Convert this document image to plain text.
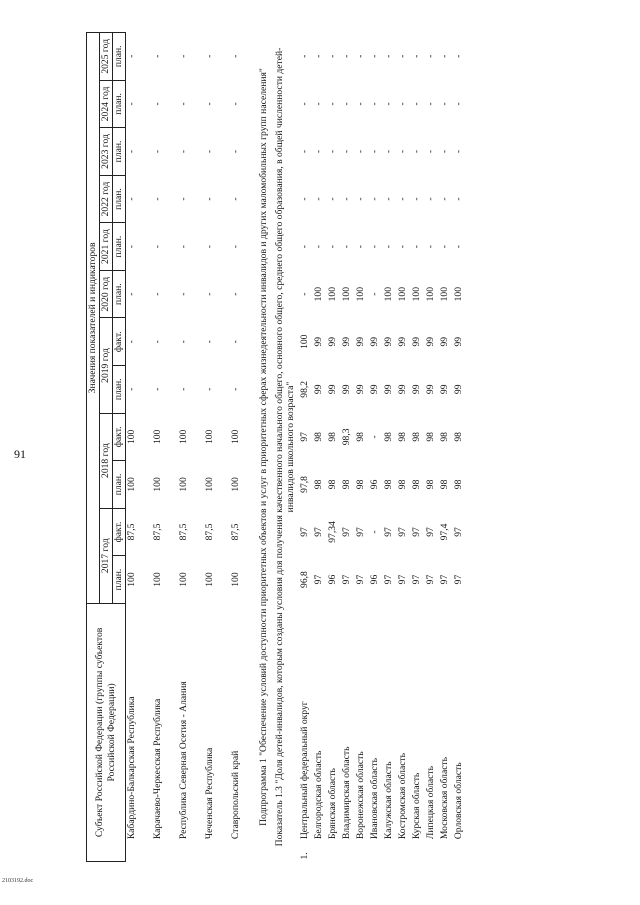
91
2103192.doc
Субъект Российской Федерации (группы субъектов Российской Федерации)		Значения показателей и индикаторов											
		2017 год		2018 год		2019 год		2020 год	2021 год	2022 год	2023 год	2024 год	2025 год
		план.	факт.	план.	факт.	план.	факт.	план.	план.	план.	план.	план.	план.
	Кабардино-Балкарская Республика	100	87,5	100	100	-	-	-	-	-	-	-	-
	Карачаево-Черкесская Республика	100	87,5	100	100	-	-	-	-	-	-	-	-
	Республика Северная Осетия - Алания	100	87,5	100	100	-	-	-	-	-	-	-	-
	Чеченская Республика	100	87,5	100	100	-	-	-	-	-	-	-	-
	Ставропольский край	100	87,5	100	100	-	-	-	-	-	-	-	-
Подпрограмма 1 "Обеспечение условий доступности приоритетных объектов и услуг в приоритетных сферах жизнедеятельности инвалидов и других маломобильных групп населения"													
Показатель 1.3 "Доля детей-инвалидов, которым созданы условия для получения качественного начального общего, основного общего, среднего общего образования, в общей численности детей-инвалидов школьного возраста"													
1.	Центральный федеральный округ	96,8	97	97,8	97	98,2	100	-	-	-	-	-	-
	Белгородская область	97	97	98	98	99	99	100	-	-	-	-	-
	Брянская область	96	97,34	98	98	99	99	100	-	-	-	-	-
	Владимирская область	97	97	98	98,3	99	99	100	-	-	-	-	-
	Воронежская область	97	97	98	98	99	99	100	-	-	-	-	-
	Ивановская область	96	-	96	-	99	99	-	-	-	-	-	-
	Калужская область	97	97	98	98	99	99	100	-	-	-	-	-
	Костромская область	97	97	98	98	99	99	100	-	-	-	-	-
	Курская область	97	97	98	98	99	99	100	-	-	-	-	-
	Липецкая область	97	97	98	98	99	99	100	-	-	-	-	-
	Московская область	97	97,4	98	98	99	99	100	-	-	-	-	-
	Орловская область	97	97	98	98	99	99	100	-	-	-	-	-
